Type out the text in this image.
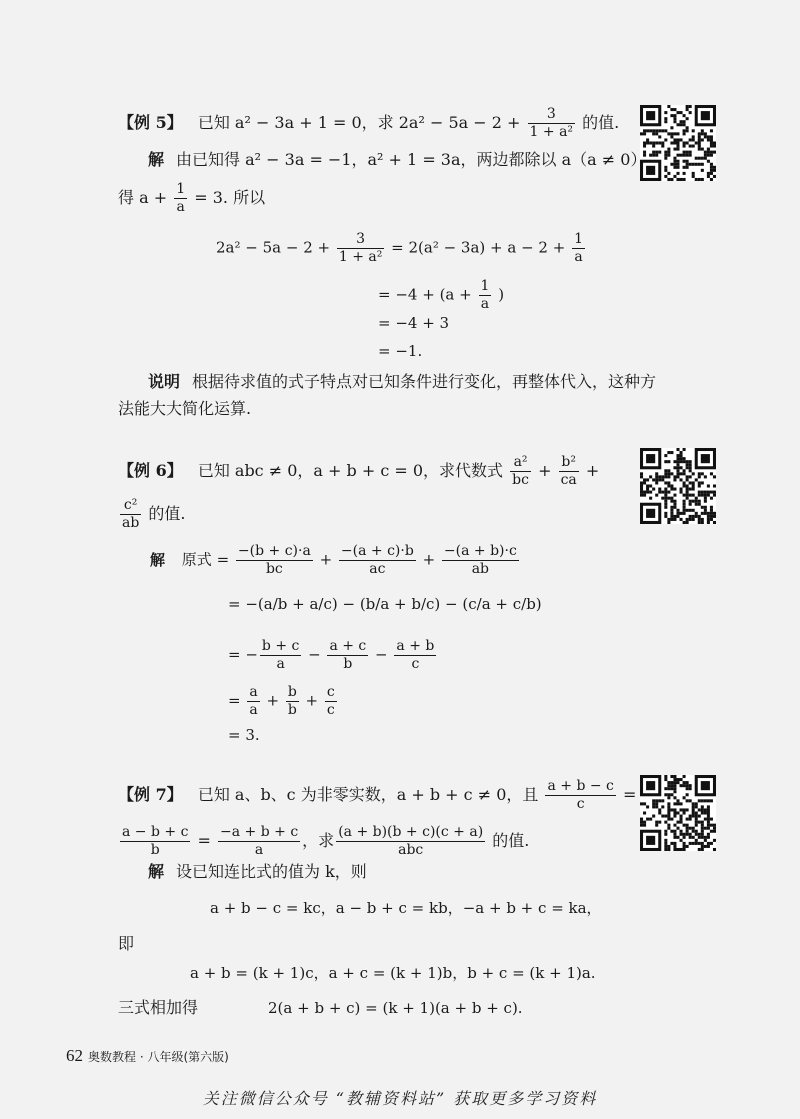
【例 5】 已知 a² − 3a + 1 = 0，求 $2a^2 - 5a - 2 + \frac{3}{\text{1 + a²}}$ 的值.
解 由已知得 a² − 3a = −1，a² + 1 = 3a，两边都除以 a（a ≠ 0）
得 $a + \frac{1}{a} = 3$. 所以
$2a^2 - 5a - 2 + \frac{3}{\text{1 + a²}} = 2(a^2 - 3a) + a - 2 + \frac{1}{a}$
= $-4 + (a + \frac{1}{a}$ )
= −4 + 3
= −1.
说明 根据待求值的式子特点对已知条件进行变化，再整体代入，这种方
法能大大简化运算.
【例 6】 已知 abc ≠ 0，a + b + c = 0，求代数式 $\frac{\text{a²}}{bc} + \frac{\text{b²}}{ca}$ +
$\frac{\text{c²}}{ab}$ 的值.
解 原式 = $\frac{-(b + c)\cdot a}{bc} + \frac{-(a + c)\cdot b}{ac} + \frac{-(a + b)\cdot c}{ab}$
= −(a/b + a/c) − (b/a + b/c) − (c/a + c/b)
= − $\frac{b + c}{a} - \frac{a + c}{b} - \frac{a + b}{c}$
= $\frac{a}{a} + \frac{b}{b} + \frac{c}{c}$
= 3.
【例 7】 已知 a、b、c 为非零实数，a + b + c ≠ 0，且 $\frac{a + b - c}{c}$ =
$\frac{a - b + c}{b} = \frac{-a + b + c}{a}$ ，求 $\frac{(a + b)(b + c)(c + a)}{\text{abc}}$ 的值.
解 设已知连比式的值为 k，则
a + b − c = kc，a − b + c = kb，−a + b + c = ka，
即
a + b = (k + 1)c，a + c = (k + 1)b，b + c = (k + 1)a.
三式相加得	2(a + b + c) = (k + 1)(a + b + c).
62 奥数教程 · 八年级(第六版)
关注微信公众号 “教辅资料站” 获取更多学习资料
